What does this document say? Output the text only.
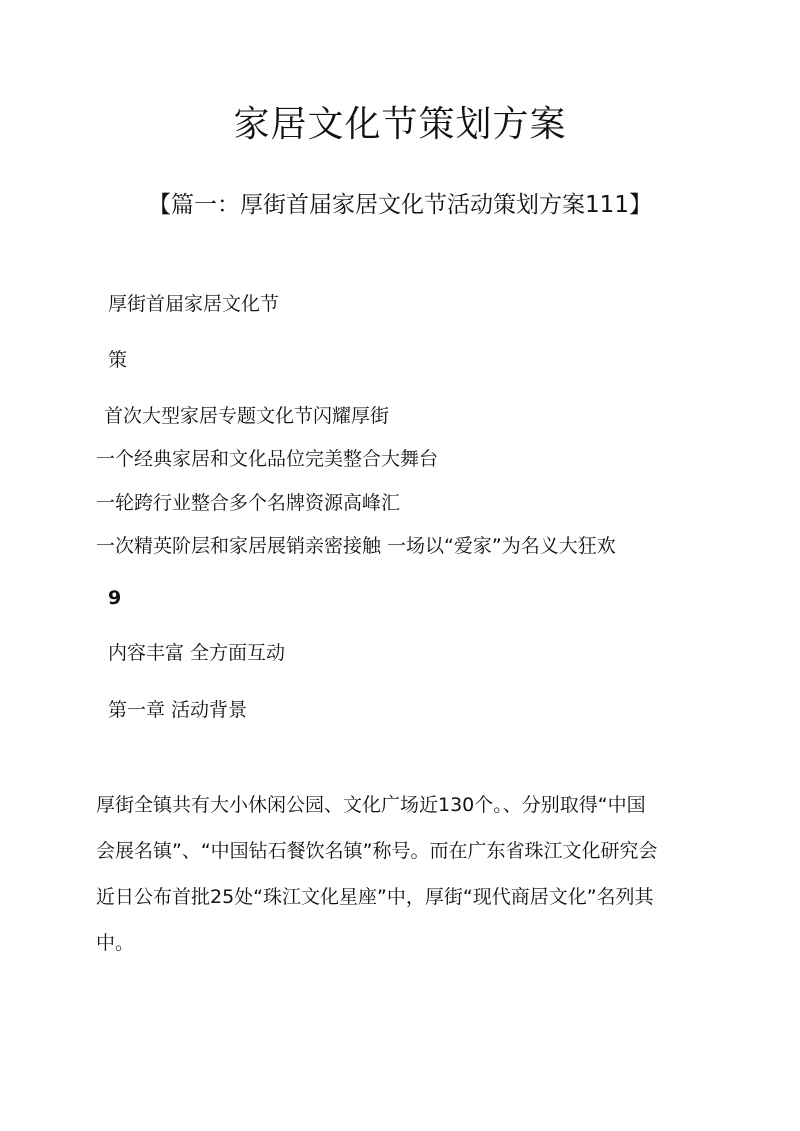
家居文化节策划方案
【篇一：厚街首届家居文化节活动策划方案111】
厚街首届家居文化节
策
首次大型家居专题文化节闪耀厚街
一个经典家居和文化品位完美整合大舞台
一轮跨行业整合多个名牌资源高峰汇
一次精英阶层和家居展销亲密接触 一场以“爱家”为名义大狂欢
9
内容丰富 全方面互动
第一章 活动背景
厚街全镇共有大小休闲公园、文化广场近130个。、分别取得“中国
会展名镇”、“中国钻石餐饮名镇”称号。而在广东省珠江文化研究会
近日公布首批25处“珠江文化星座”中，厚街“现代商居文化”名列其
中。
